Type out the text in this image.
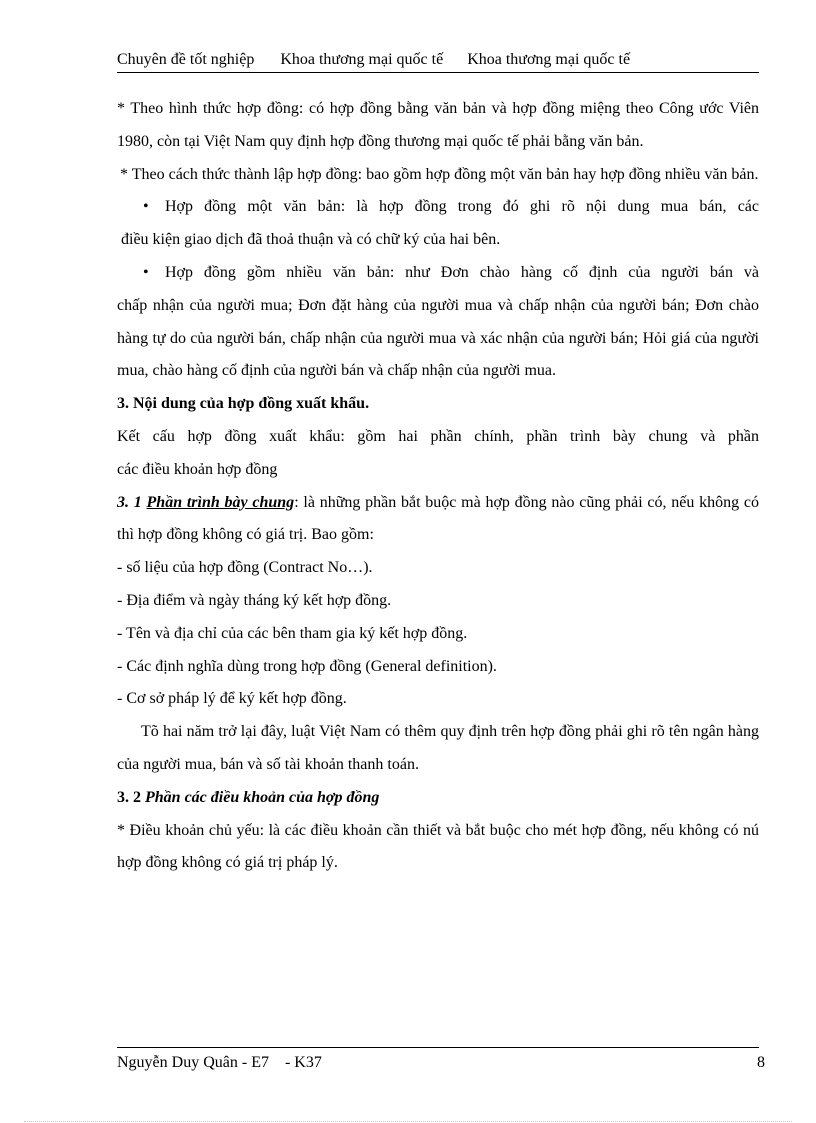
Chuyên đề tốt nghiệp Khoa thương mại quốc tế Khoa thương mại quốc tế

* Theo hình thức hợp đồng: có hợp đồng bằng văn bản và hợp đồng miệng theo Công ước Viên 1980, còn tại Việt Nam quy định hợp đồng thương mại quốc tế phải bằng văn bản.

* Theo cách thức thành lập hợp đồng: bao gồm hợp đồng một văn bản hay hợp đồng nhiều văn bản.

• Hợp đồng một văn bản: là hợp đồng trong đó ghi rõ nội dung mua bán, các

điều kiện giao dịch đã thoả thuận và có chữ ký của hai bên.

• Hợp đồng gồm nhiều văn bản: như Đơn chào hàng cố định của người bán và

chấp nhận của người mua; Đơn đặt hàng của người mua và chấp nhận của người bán; Đơn chào hàng tự do của người bán, chấp nhận của người mua và xác nhận của người bán; Hỏi giá của người mua, chào hàng cố định của người bán và chấp nhận của người mua.

3. Nội dung của hợp đồng xuất khẩu.

Kết cấu hợp đồng xuất khẩu: gồm hai phần chính, phần trình bày chung và phần

các điều khoản hợp đồng

3. 1 Phần trình bày chung: là những phần bắt buộc mà hợp đồng nào cũng phải có, nếu không có thì hợp đồng không có giá trị. Bao gồm:

- số liệu của hợp đồng (Contract No…).

- Địa điểm và ngày tháng ký kết hợp đồng.

- Tên và địa chỉ của các bên tham gia ký kết hợp đồng.

- Các định nghĩa dùng trong hợp đồng (General definition).

- Cơ sở pháp lý để ký kết hợp đồng.

Tõ hai năm trở lại đây, luật Việt Nam có thêm quy định trên hợp đồng phải ghi rõ tên ngân hàng của người mua, bán và số tài khoản thanh toán.

3. 2 Phần các điều khoản của hợp đồng

* Điều khoản chủ yếu: là các điều khoản cần thiết và bắt buộc cho mét hợp đồng, nếu không có nú hợp đồng không có giá trị pháp lý.

Nguyễn Duy Quân - E7    - K37	8
